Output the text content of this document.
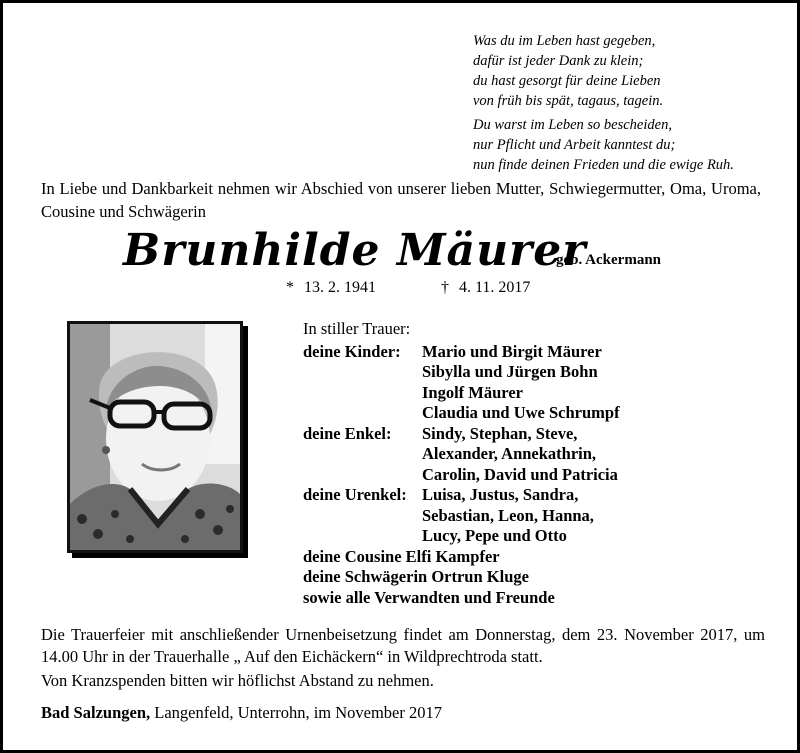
Was du im Leben hast gegeben,
dafür ist jeder Dank zu klein;
du hast gesorgt für deine Lieben
von früh bis spät, tagaus, tagein.
Du warst im Leben so bescheiden,
nur Pflicht und Arbeit kanntest du;
nun finde deinen Frieden und die ewige Ruh.
In Liebe und Dankbarkeit nehmen wir Abschied von unserer lieben Mutter, Schwiegermutter, Oma, Uroma, Cousine und Schwägerin
Brunhilde Mäurer
geb. Ackermann
* 13. 2. 1941	† 4. 11. 2017
In stiller Trauer:
deine Kinder:	Mario und Birgit Mäurer
	Sibylla und Jürgen Bohn
	Ingolf Mäurer
	Claudia und Uwe Schrumpf
deine Enkel:	Sindy, Stephan, Steve,
	Alexander, Annekathrin,
	Carolin, David und Patricia
deine Urenkel:	Luisa, Justus, Sandra,
	Sebastian, Leon, Hanna,
	Lucy, Pepe und Otto
deine Cousine Elfi Kampfer
deine Schwägerin Ortrun Kluge
sowie alle Verwandten und Freunde
Die Trauerfeier mit anschließender Urnenbeisetzung findet am Donnerstag, dem 23. November 2017, um 14.00 Uhr in der Trauerhalle „ Auf den Eichäckern“ in Wildprechtroda statt.
Von Kranzspenden bitten wir höflichst Abstand zu nehmen.
Bad Salzungen, Langenfeld, Unterrohn, im November 2017
